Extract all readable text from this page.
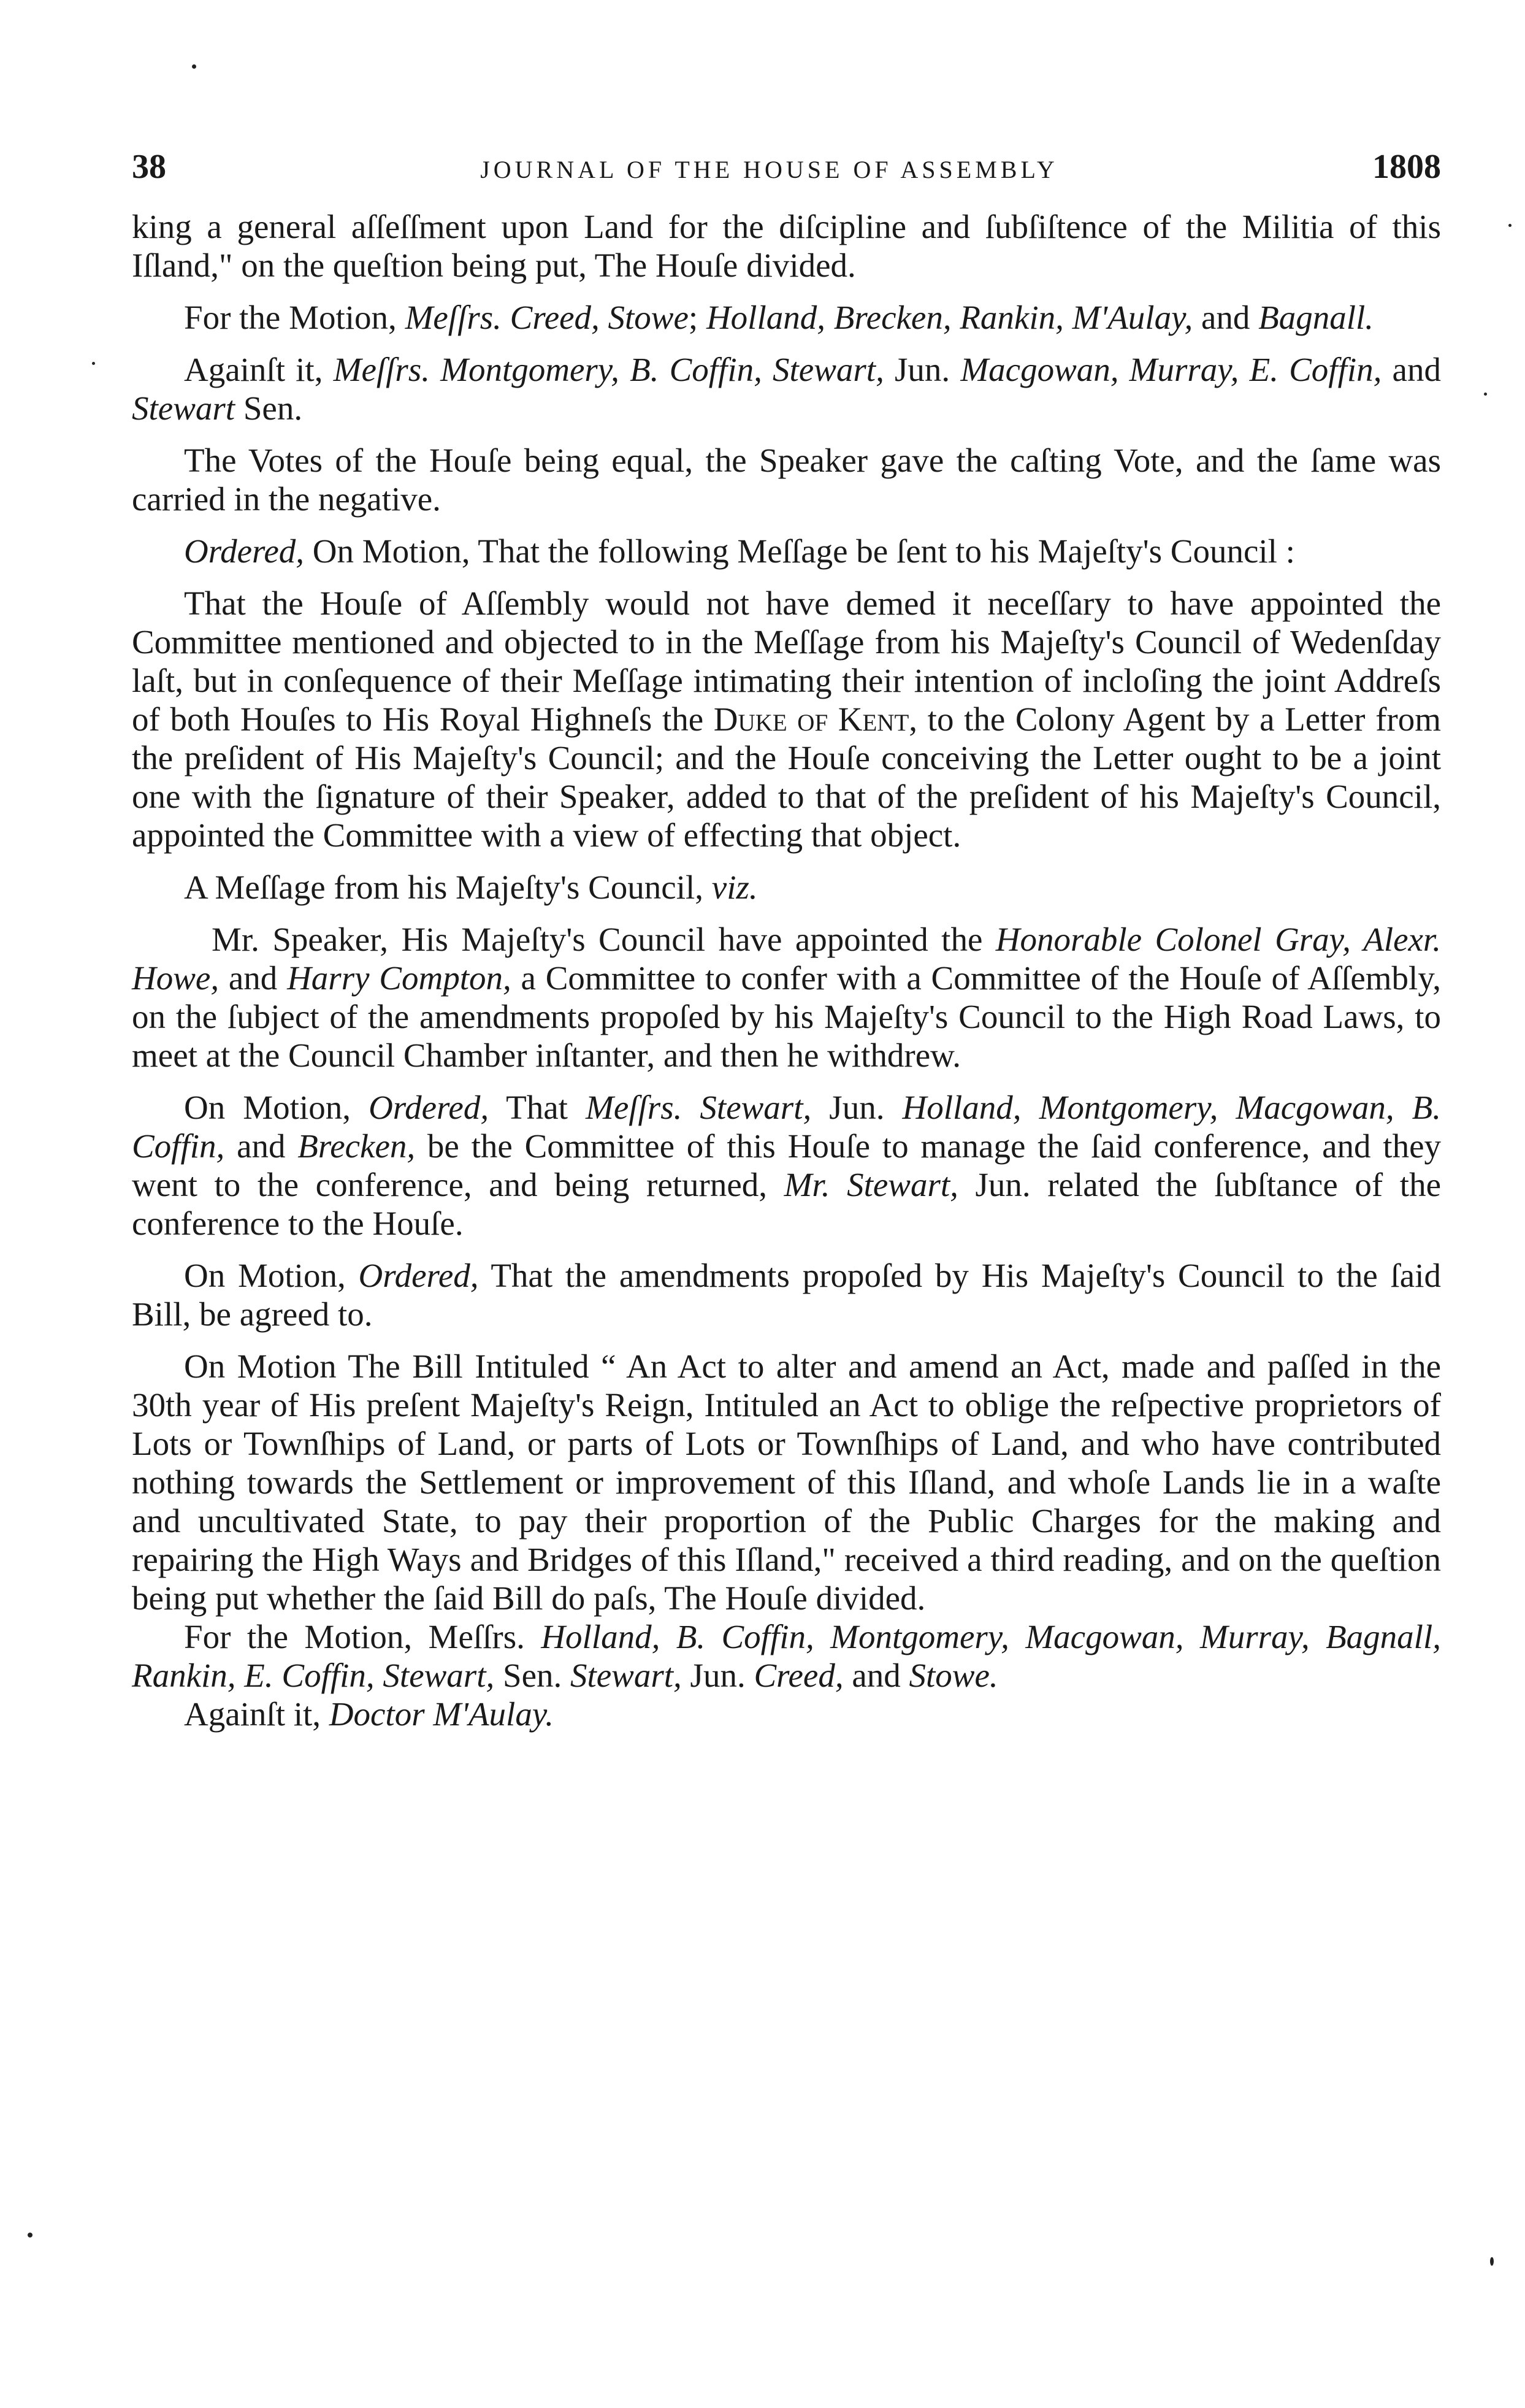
38	JOURNAL OF THE HOUSE OF ASSEMBLY	1808

king a general aſſeſſment upon Land for the diſcipline and ſubſiſtence of the Militia of this Iſland," on the queſtion being put, The Houſe divided.

For the Motion, Meſſrs. Creed, Stowe; Holland, Brecken, Rankin, M'Aulay, and Bagnall.

Againſt it, Meſſrs. Montgomery, B. Coffin, Stewart, Jun. Macgowan, Murray, E. Coffin, and Stewart Sen.

The Votes of the Houſe being equal, the Speaker gave the caſting Vote, and the ſame was carried in the negative.

Ordered, On Motion, That the following Meſſage be ſent to his Majeſty's Council :

That the Houſe of Aſſembly would not have demed it neceſſary to have appointed the Committee mentioned and objected to in the Meſſage from his Majeſty's Council of Wedenſday laſt, but in conſequence of their Meſſage intimating their intention of incloſing the joint Addreſs of both Houſes to His Royal Highneſs the Duke of Kent, to the Colony Agent by a Letter from the preſident of His Majeſty's Council; and the Houſe conceiving the Letter ought to be a joint one with the ſignature of their Speaker, added to that of the preſident of his Majeſty's Council, appointed the Committee with a view of effecting that object.

A Meſſage from his Majeſty's Council, viz.

Mr. Speaker, His Majeſty's Council have appointed the Honorable Colonel Gray, Alexr. Howe, and Harry Compton, a Committee to confer with a Committee of the Houſe of Aſſembly, on the ſubject of the amendments propoſed by his Majeſty's Council to the High Road Laws, to meet at the Council Chamber inſtanter, and then he withdrew.

On Motion, Ordered, That Meſſrs. Stewart, Jun. Holland, Montgomery, Macgowan, B. Coffin, and Brecken, be the Committee of this Houſe to manage the ſaid conference, and they went to the conference, and being returned, Mr. Stewart, Jun. related the ſubſtance of the conference to the Houſe.

On Motion, Ordered, That the amendments propoſed by His Majeſty's Council to the ſaid Bill, be agreed to.

On Motion The Bill Intituled “ An Act to alter and amend an Act, made and paſſed in the 30th year of His preſent Majeſty's Reign, Intituled an Act to oblige the reſpective proprietors of Lots or Townſhips of Land, or parts of Lots or Townſhips of Land, and who have contributed nothing towards the Settlement or improvement of this Iſland, and whoſe Lands lie in a waſte and uncultivated State, to pay their proportion of the Public Charges for the making and repairing the High Ways and Bridges of this Iſland," received a third reading, and on the queſtion being put whether the ſaid Bill do paſs, The Houſe divided.

For the Motion, Meſſrs. Holland, B. Coffin, Montgomery, Macgowan, Murray, Bagnall, Rankin, E. Coffin, Stewart, Sen. Stewart, Jun. Creed, and Stowe.

Againſt it, Doctor M'Aulay.
